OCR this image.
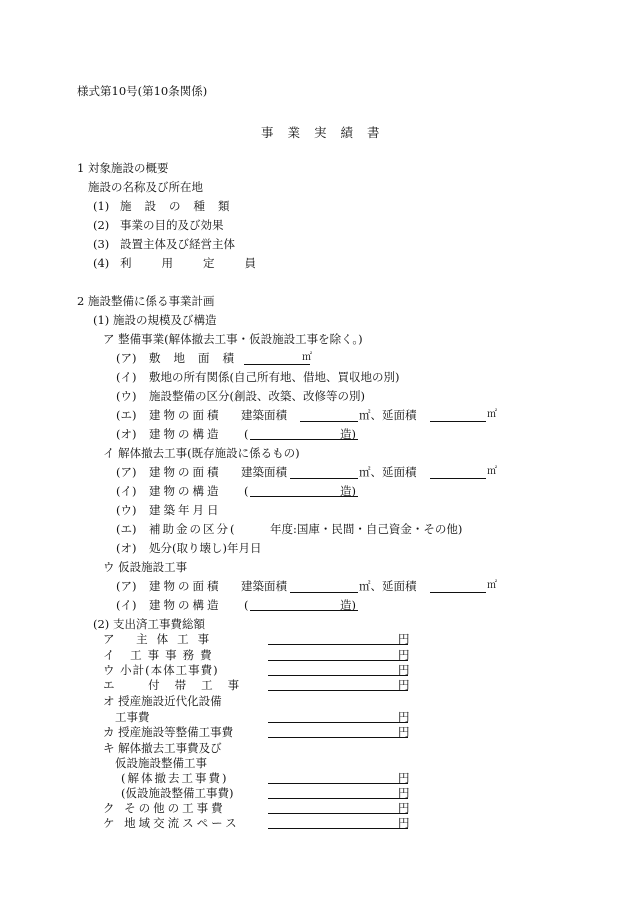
様式第10号(第10条関係)
事業実績書
1 対象施設の概要
施設の名称及び所在地
(1) 施設の種類
(2) 事業の目的及び効果
(3) 設置主体及び経営主体
(4) 利用定員
2 施設整備に係る事業計画
(1) 施設の規模及び構造
ア 整備事業(解体撤去工事・仮設施設工事を除く。)
(ア) 敷地面積	㎡
(イ) 敷地の所有関係(自己所有地、借地、買収地の別)
(ウ) 施設整備の区分(創設、改築、改修等の別)
(エ) 建物の面積 建築面積	㎡、延面積	㎡
(オ) 建物の構造 (	造)
イ 解体撤去工事(既存施設に係るもの)
(ア) 建物の面積 建築面積	㎡、延面積	㎡
(イ) 建物の構造 (	造)
(ウ) 建築年月日
(エ) 補助金の区分(	年度:国庫・民間・自己資金・その他)
(オ) 処分(取り壊し)年月日
ウ 仮設施設工事
(ア) 建物の面積 建築面積	㎡、延面積	㎡
(イ) 建物の構造 (	造)
(2) 支出済工事費総額
ア 主体工事	円
イ 工事事務費	円
ウ 小計(本体工事費)	円
エ 付帯工事	円
オ 授産施設近代化設備
工事費	円
カ 授産施設等整備工事費	円
キ 解体撤去工事費及び
仮設施設整備工事
(解体撤去工事費)	円
(仮設施設整備工事費)	円
ク その他の工事費	円
ケ 地域交流スペース	円
